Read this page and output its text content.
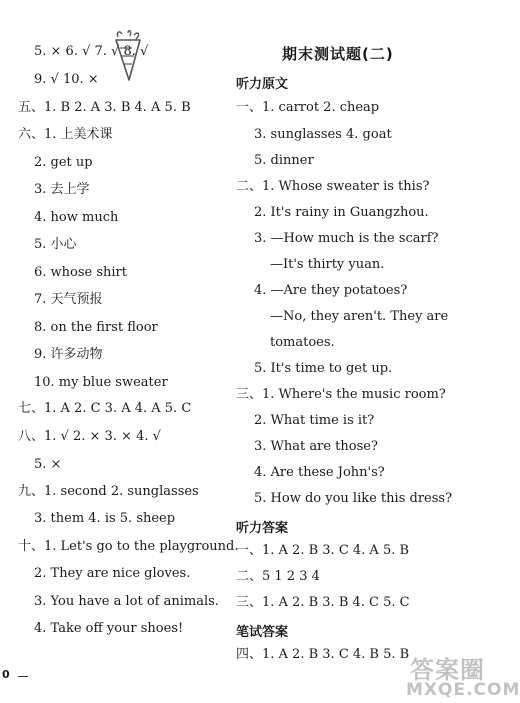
5. × 6. √ 7. √ 8. √
9. √ 10. ×
五、1. B 2. A 3. B 4. A 5. B
六、1. 上美术课
2. get up
3. 去上学
4. how much
5. 小心
6. whose shirt
7. 天气预报
8. on the first floor
9. 许多动物
10. my blue sweater
七、1. A 2. C 3. A 4. A 5. C
八、1. √ 2. × 3. × 4. √
5. ×
九、1. second 2. sunglasses
3. them 4. is 5. sheep
十、1. Let's go to the playground.
2. They are nice gloves.
3. You have a lot of animals.
4. Take off your shoes!
期末测试题(二)
听力原文
一、1. carrot 2. cheap
3. sunglasses 4. goat
5. dinner
二、1. Whose sweater is this?
2. It's rainy in Guangzhou.
3. —How much is the scarf?
—It's thirty yuan.
4. —Are they potatoes?
—No, they aren't. They are
tomatoes.
5. It's time to get up.
三、1. Where's the music room?
2. What time is it?
3. What are those?
4. Are these John's?
5. How do you like this dress?
听力答案
一、1. A 2. B 3. C 4. A 5. B
二、5 1 2 3 4
三、1. A 2. B 3. B 4. C 5. C
笔试答案
四、1. A 2. B 3. C 4. B 5. B
0	答案圈
MXQE.COM
